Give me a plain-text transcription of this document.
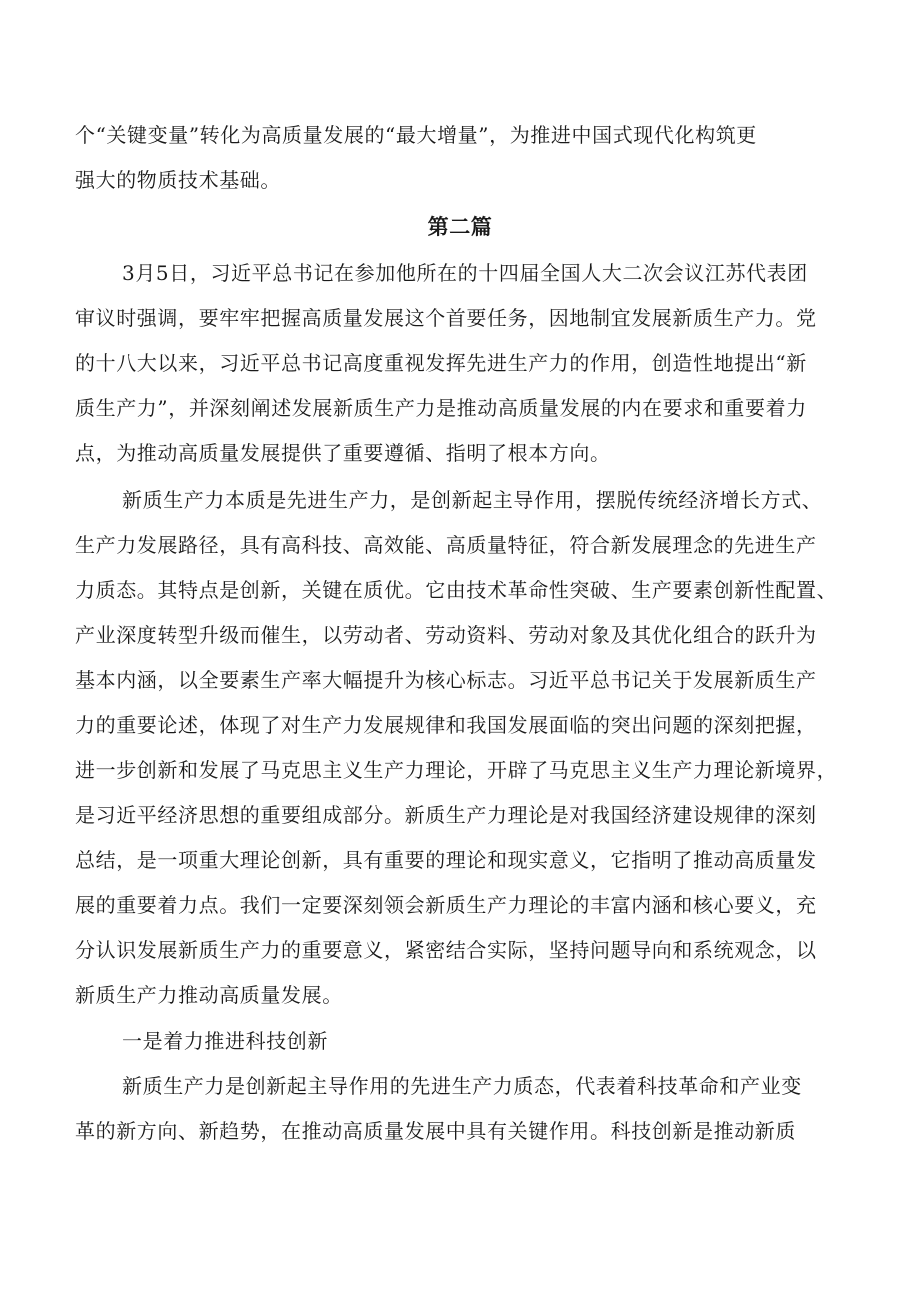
个“关键变量”转化为高质量发展的“最大增量”，为推进中国式现代化构筑更

强大的物质技术基础。

第二篇

3月5日，习近平总书记在参加他所在的十四届全国人大二次会议江苏代表团

审议时强调，要牢牢把握高质量发展这个首要任务，因地制宜发展新质生产力。党

的十八大以来，习近平总书记高度重视发挥先进生产力的作用，创造性地提出“新

质生产力”，并深刻阐述发展新质生产力是推动高质量发展的内在要求和重要着力

点，为推动高质量发展提供了重要遵循、指明了根本方向。

新质生产力本质是先进生产力，是创新起主导作用，摆脱传统经济增长方式、

生产力发展路径，具有高科技、高效能、高质量特征，符合新发展理念的先进生产

力质态。其特点是创新，关键在质优。它由技术革命性突破、生产要素创新性配置、

产业深度转型升级而催生，以劳动者、劳动资料、劳动对象及其优化组合的跃升为

基本内涵，以全要素生产率大幅提升为核心标志。习近平总书记关于发展新质生产

力的重要论述，体现了对生产力发展规律和我国发展面临的突出问题的深刻把握，

进一步创新和发展了马克思主义生产力理论，开辟了马克思主义生产力理论新境界，

是习近平经济思想的重要组成部分。新质生产力理论是对我国经济建设规律的深刻

总结，是一项重大理论创新，具有重要的理论和现实意义，它指明了推动高质量发

展的重要着力点。我们一定要深刻领会新质生产力理论的丰富内涵和核心要义，充

分认识发展新质生产力的重要意义，紧密结合实际，坚持问题导向和系统观念，以

新质生产力推动高质量发展。

一是着力推进科技创新

新质生产力是创新起主导作用的先进生产力质态，代表着科技革命和产业变

革的新方向、新趋势，在推动高质量发展中具有关键作用。科技创新是推动新质
